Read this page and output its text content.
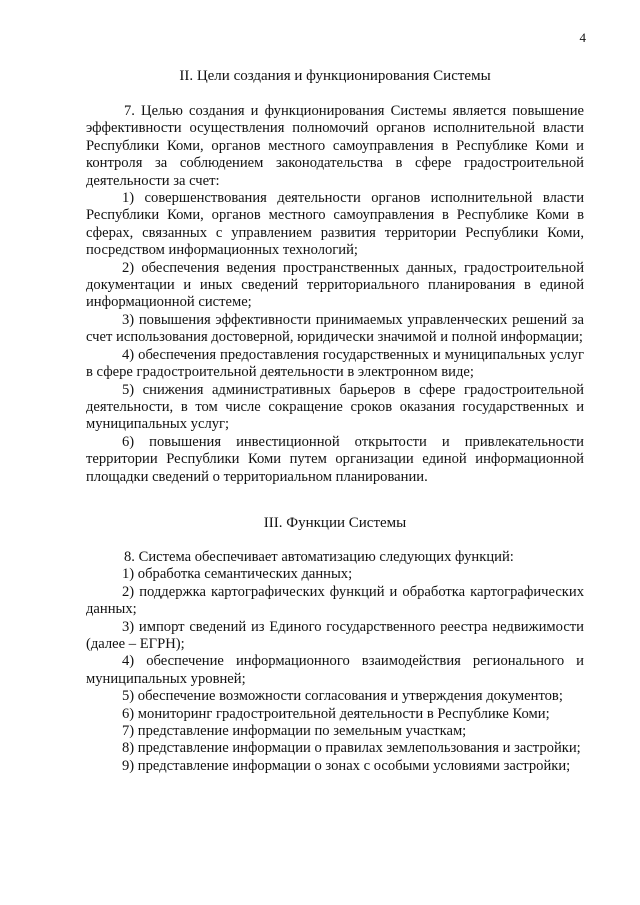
4
II. Цели создания и функционирования Системы

7. Целью создания и функционирования Системы является повышение эффективности осуществления полномочий органов исполнительной власти Республики Коми, органов местного самоуправления в Республике Коми и контроля за соблюдением законодательства в сфере градостроительной деятельности за счет:

1) совершенствования деятельности органов исполнительной власти Республики Коми, органов местного самоуправления в Республике Коми в сферах, связанных с управлением развития территории Республики Коми, посредством информационных технологий;

2) обеспечения ведения пространственных данных, градостроительной документации и иных сведений территориального планирования в единой информационной системе;

3) повышения эффективности принимаемых управленческих решений за счет использования достоверной, юридически значимой и полной информации;

4) обеспечения предоставления государственных и муниципальных услуг в сфере градостроительной деятельности в электронном виде;

5) снижения административных барьеров в сфере градостроительной деятельности, в том числе сокращение сроков оказания государственных и муниципальных услуг;

6) повышения инвестиционной открытости и привлекательности территории Республики Коми путем организации единой информационной площадки сведений о территориальном планировании.

III. Функции Системы

8. Система обеспечивает автоматизацию следующих функций:

1) обработка семантических данных;

2) поддержка картографических функций и обработка картографических данных;

3) импорт сведений из Единого государственного реестра недвижимости (далее – ЕГРН);

4) обеспечение информационного взаимодействия регионального и муниципальных уровней;

5) обеспечение возможности согласования и утверждения документов;

6) мониторинг градостроительной деятельности в Республике Коми;

7) представление информации по земельным участкам;

8) представление информации о правилах землепользования и застройки;

9) представление информации о зонах с особыми условиями застройки;
